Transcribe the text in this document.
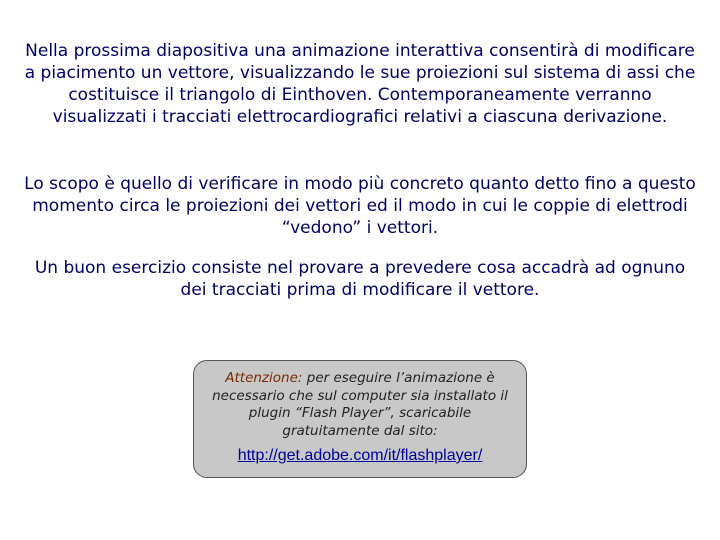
Nella prossima diapositiva una animazione interattiva consentirà di modificare a piacimento un vettore, visualizzando le sue proiezioni sul sistema di assi che costituisce il triangolo di Einthoven. Contemporaneamente verranno visualizzati i tracciati elettrocardiografici relativi a ciascuna derivazione.

Lo scopo è quello di verificare in modo più concreto quanto detto fino a questo momento circa le proiezioni dei vettori ed il modo in cui le coppie di elettrodi “vedono” i vettori.

Un buon esercizio consiste nel provare a prevedere cosa accadrà ad ognuno dei tracciati prima di modificare il vettore.

Attenzione: per eseguire l’animazione è necessario che sul computer sia installato il plugin “Flash Player”, scaricabile gratuitamente dal sito:

http://get.adobe.com/it/flashplayer/
